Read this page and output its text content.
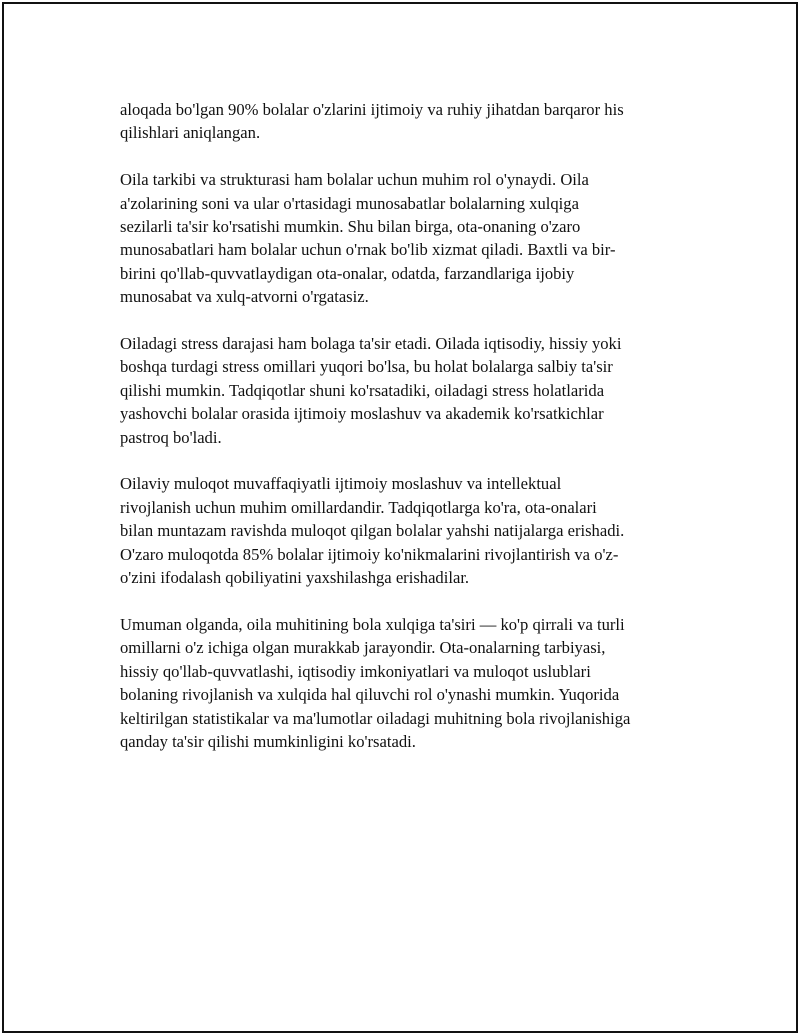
aloqada bo'lgan 90% bolalar o'zlarini ijtimoiy va ruhiy jihatdan barqaror his
qilishlari aniqlangan.

Oila tarkibi va strukturasi ham bolalar uchun muhim rol o'ynaydi. Oila
a'zolarining soni va ular o'rtasidagi munosabatlar bolalarning xulqiga
sezilarli ta'sir ko'rsatishi mumkin. Shu bilan birga, ota-onaning o'zaro
munosabatlari ham bolalar uchun o'rnak bo'lib xizmat qiladi. Baxtli va bir-
birini qo'llab-quvvatlaydigan ota-onalar, odatda, farzandlariga ijobiy
munosabat va xulq-atvorni o'rgatasiz.

Oiladagi stress darajasi ham bolaga ta'sir etadi. Oilada iqtisodiy, hissiy yoki
boshqa turdagi stress omillari yuqori bo'lsa, bu holat bolalarga salbiy ta'sir
qilishi mumkin. Tadqiqotlar shuni ko'rsatadiki, oiladagi stress holatlarida
yashovchi bolalar orasida ijtimoiy moslashuv va akademik ko'rsatkichlar
pastroq bo'ladi.

Oilaviy muloqot muvaffaqiyatli ijtimoiy moslashuv va intellektual
rivojlanish uchun muhim omillardandir. Tadqiqotlarga ko'ra, ota-onalari
bilan muntazam ravishda muloqot qilgan bolalar yahshi natijalarga erishadi.
O'zaro muloqotda 85% bolalar ijtimoiy ko'nikmalarini rivojlantirish va o'z-
o'zini ifodalash qobiliyatini yaxshilashga erishadilar.

Umuman olganda, oila muhitining bola xulqiga ta'siri — ko'p qirrali va turli
omillarni o'z ichiga olgan murakkab jarayondir. Ota-onalarning tarbiyasi,
hissiy qo'llab-quvvatlashi, iqtisodiy imkoniyatlari va muloqot uslublari
bolaning rivojlanish va xulqida hal qiluvchi rol o'ynashi mumkin. Yuqorida
keltirilgan statistikalar va ma'lumotlar oiladagi muhitning bola rivojlanishiga
qanday ta'sir qilishi mumkinligini ko'rsatadi.
